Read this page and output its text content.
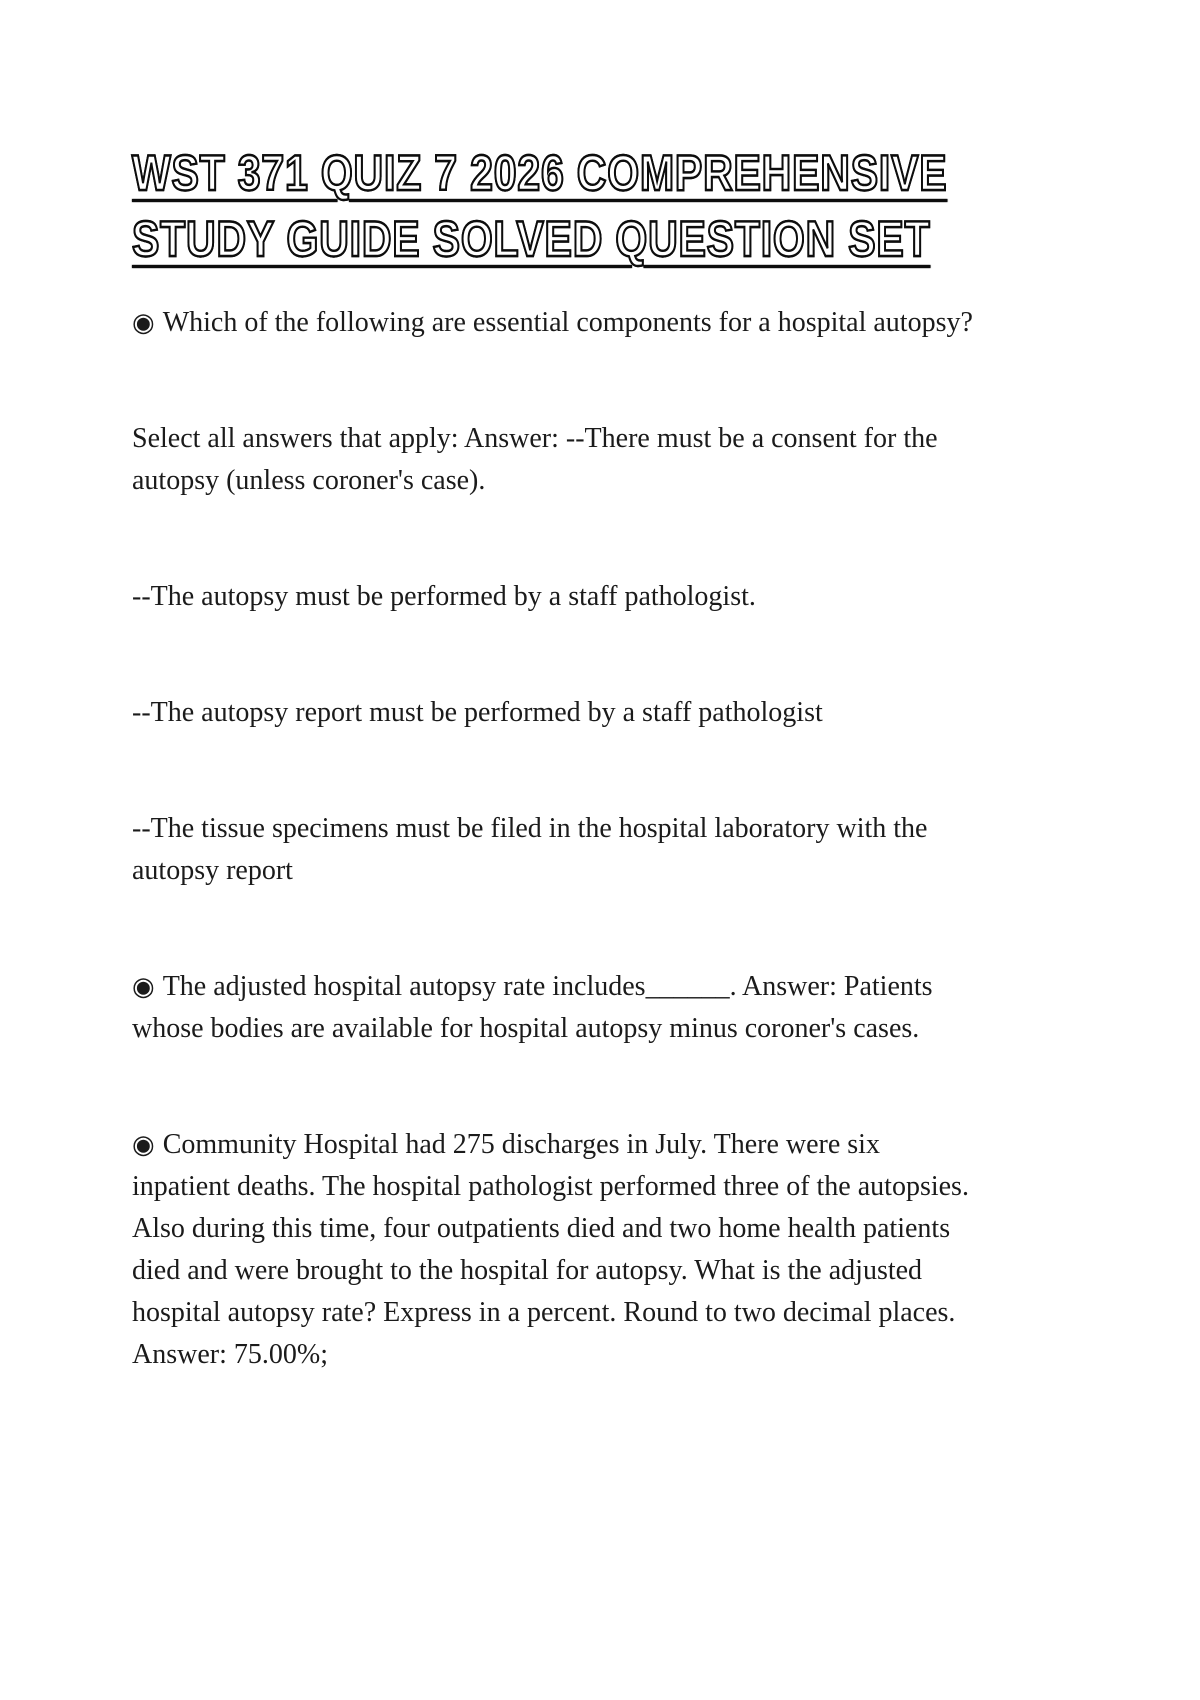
WST 371 QUIZ 7 2026 COMPREHENSIVE
STUDY GUIDE SOLVED QUESTION SET

◉ Which of the following are essential components for a hospital autopsy?

Select all answers that apply: Answer: --There must be a consent for the autopsy (unless coroner's case).

--The autopsy must be performed by a staff pathologist.

--The autopsy report must be performed by a staff pathologist

--The tissue specimens must be filed in the hospital laboratory with the autopsy report

◉ The adjusted hospital autopsy rate includes______. Answer: Patients whose bodies are available for hospital autopsy minus coroner's cases.

◉ Community Hospital had 275 discharges in July. There were six inpatient deaths. The hospital pathologist performed three of the autopsies. Also during this time, four outpatients died and two home health patients died and were brought to the hospital for autopsy. What is the adjusted hospital autopsy rate? Express in a percent. Round to two decimal places. Answer: 75.00%;
